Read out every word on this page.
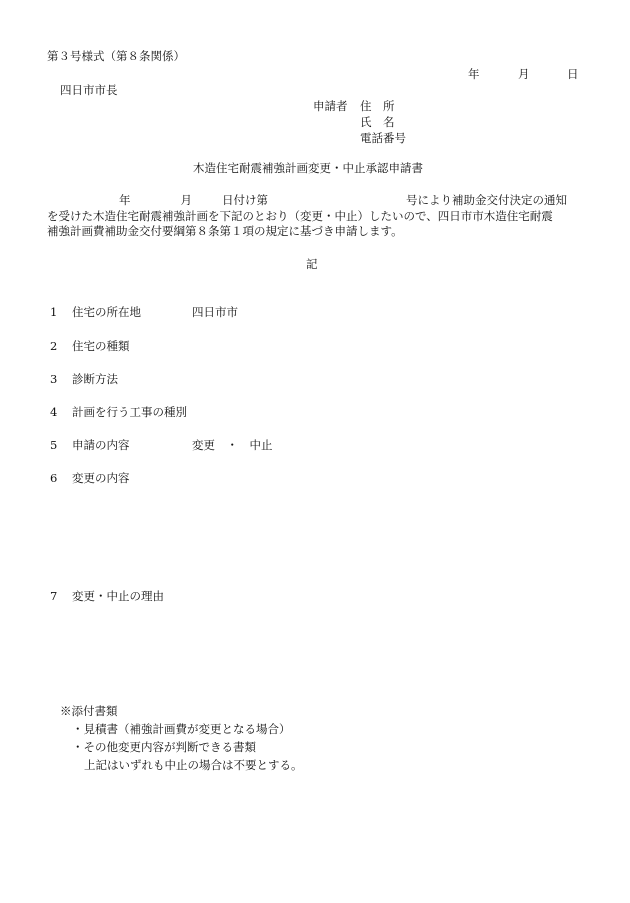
第３号様式（第８条関係）
年	月	日
四日市市長
申請者 住　所
氏　名
電話番号
木造住宅耐震補強計画変更・中止承認申請書
年	月	日付け第	号により補助金交付決定の通知
を受けた木造住宅耐震補強計画を下記のとおり（変更・中止）したいので、四日市市木造住宅耐震
補強計画費補助金交付要綱第８条第１項の規定に基づき申請します。
記
1 住宅の所在地	四日市市
2 住宅の種類
3 診断方法
4 計画を行う工事の種別
5 申請の内容	変更　・　中止
6 変更の内容
7 変更・中止の理由
※添付書類
・見積書（補強計画費が変更となる場合）
・その他変更内容が判断できる書類
上記はいずれも中止の場合は不要とする。
